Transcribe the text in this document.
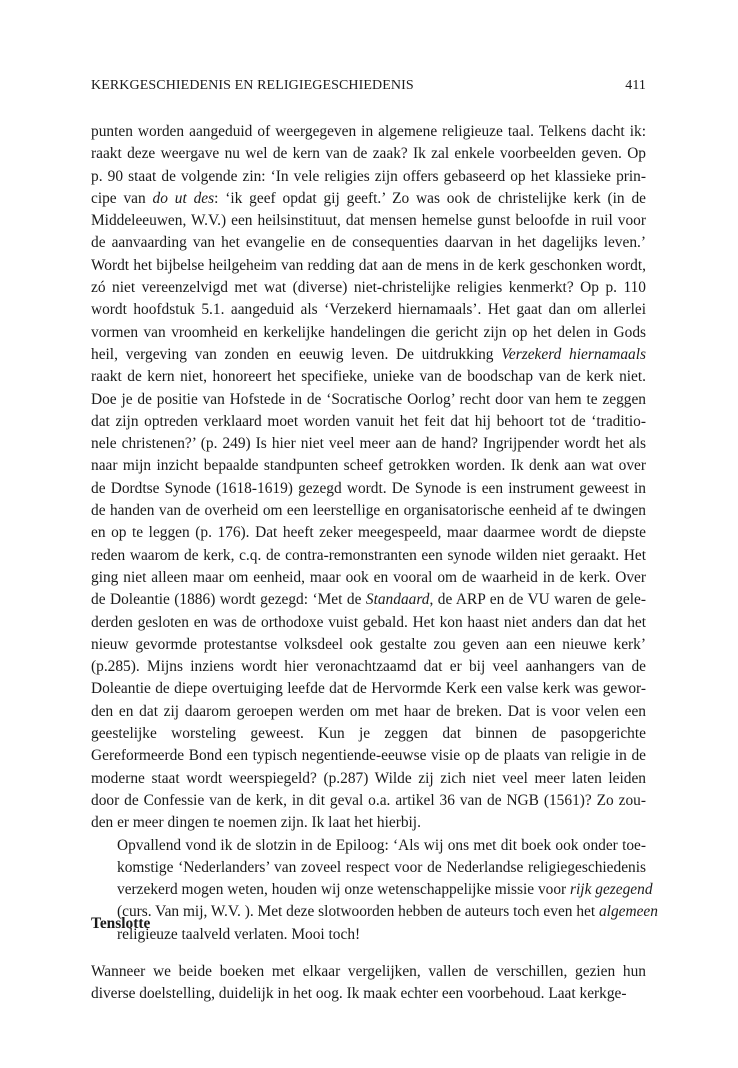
KERKGESCHIEDENIS EN RELIGIEGESCHIEDENIS	411

punten worden aangeduid of weergegeven in algemene religieuze taal. Telkens dacht ik:
raakt deze weergave nu wel de kern van de zaak? Ik zal enkele voorbeelden geven. Op
p. 90 staat de volgende zin: ‘In vele religies zijn offers gebaseerd op het klassieke prin-
cipe van do ut des: ‘ik geef opdat gij geeft.’ Zo was ook de christelijke kerk (in de
Middeleeuwen, W.V.) een heilsinstituut, dat mensen hemelse gunst beloofde in ruil voor
de aanvaarding van het evangelie en de consequenties daarvan in het dagelijks leven.’
Wordt het bijbelse heilgeheim van redding dat aan de mens in de kerk geschonken wordt,
zó niet vereenzelvigd met wat (diverse) niet-christelijke religies kenmerkt? Op p. 110
wordt hoofdstuk 5.1. aangeduid als ‘Verzekerd hiernamaals’. Het gaat dan om allerlei
vormen van vroomheid en kerkelijke handelingen die gericht zijn op het delen in Gods
heil, vergeving van zonden en eeuwig leven. De uitdrukking Verzekerd hiernamaals
raakt de kern niet, honoreert het specifieke, unieke van de boodschap van de kerk niet.
Doe je de positie van Hofstede in de ‘Socratische Oorlog’ recht door van hem te zeggen
dat zijn optreden verklaard moet worden vanuit het feit dat hij behoort tot de ‘traditio-
nele christenen?’ (p. 249) Is hier niet veel meer aan de hand? Ingrijpender wordt het als
naar mijn inzicht bepaalde standpunten scheef getrokken worden. Ik denk aan wat over
de Dordtse Synode (1618-1619) gezegd wordt. De Synode is een instrument geweest in
de handen van de overheid om een leerstellige en organisatorische eenheid af te dwingen
en op te leggen (p. 176). Dat heeft zeker meegespeeld, maar daarmee wordt de diepste
reden waarom de kerk, c.q. de contra-remonstranten een synode wilden niet geraakt. Het
ging niet alleen maar om eenheid, maar ook en vooral om de waarheid in de kerk. Over
de Doleantie (1886) wordt gezegd: ‘Met de Standaard, de ARP en de VU waren de gele-
derden gesloten en was de orthodoxe vuist gebald. Het kon haast niet anders dan dat het
nieuw gevormde protestantse volksdeel ook gestalte zou geven aan een nieuwe kerk’
(p.285). Mijns inziens wordt hier veronachtzaamd dat er bij veel aanhangers van de
Doleantie de diepe overtuiging leefde dat de Hervormde Kerk een valse kerk was gewor-
den en dat zij daarom geroepen werden om met haar de breken. Dat is voor velen een
geestelijke worsteling geweest. Kun je zeggen dat binnen de pasopgerichte
Gereformeerde Bond een typisch negentiende-eeuwse visie op de plaats van religie in de
moderne staat wordt weerspiegeld? (p.287) Wilde zij zich niet veel meer laten leiden
door de Confessie van de kerk, in dit geval o.a. artikel 36 van de NGB (1561)? Zo zou-
den er meer dingen te noemen zijn. Ik laat het hierbij.

Opvallend vond ik de slotzin in de Epiloog: ‘Als wij ons met dit boek ook onder toe-
komstige ‘Nederlanders’ van zoveel respect voor de Nederlandse religiegeschiedenis
verzekerd mogen weten, houden wij onze wetenschappelijke missie voor rijk gezegend
(curs. Van mij, W.V. ). Met deze slotwoorden hebben de auteurs toch even het algemeen
religieuze taalveld verlaten. Mooi toch!

Tenslotte

Wanneer we beide boeken met elkaar vergelijken, vallen de verschillen, gezien hun
diverse doelstelling, duidelijk in het oog. Ik maak echter een voorbehoud. Laat kerkge-
